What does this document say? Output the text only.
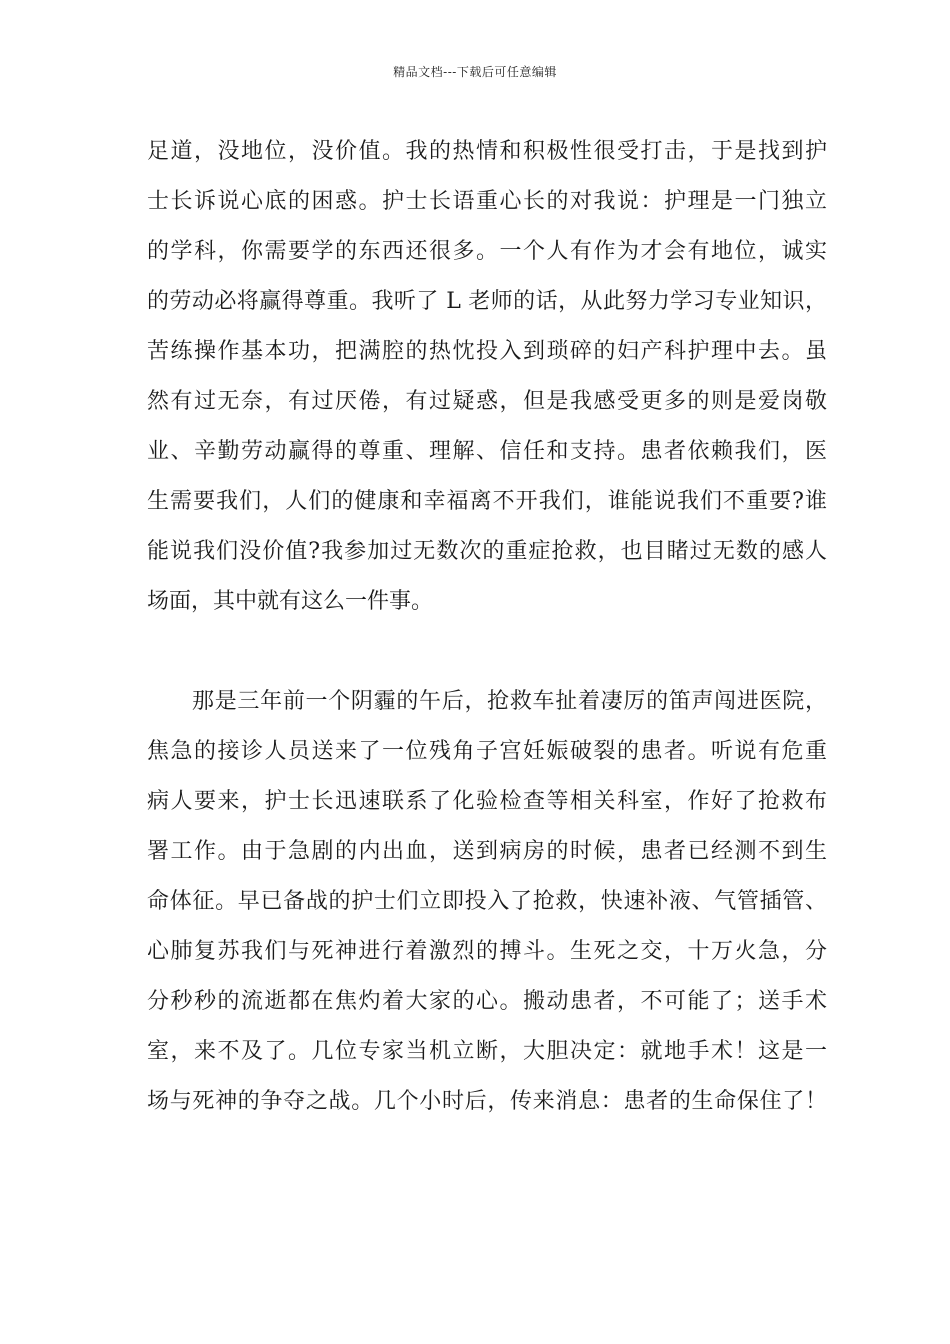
精品文档---下载后可任意编辑
足道，没地位，没价值。我的热情和积极性很受打击，于是找到护
士长诉说心底的困惑。护士长语重心长的对我说：护理是一门独立
的学科，你需要学的东西还很多。一个人有作为才会有地位，诚实
的劳动必将赢得尊重。我听了 L 老师的话，从此努力学习专业知识，
苦练操作基本功，把满腔的热忱投入到琐碎的妇产科护理中去。虽
然有过无奈，有过厌倦，有过疑惑，但是我感受更多的则是爱岗敬
业、辛勤劳动赢得的尊重、理解、信任和支持。患者依赖我们，医
生需要我们，人们的健康和幸福离不开我们，谁能说我们不重要?谁
能说我们没价值?我参加过无数次的重症抢救，也目睹过无数的感人
场面，其中就有这么一件事。
那是三年前一个阴霾的午后，抢救车扯着凄厉的笛声闯进医院，
焦急的接诊人员送来了一位残角子宫妊娠破裂的患者。听说有危重
病人要来，护士长迅速联系了化验检查等相关科室，作好了抢救布
署工作。由于急剧的内出血，送到病房的时候，患者已经测不到生
命体征。早已备战的护士们立即投入了抢救，快速补液、气管插管、
心肺复苏我们与死神进行着激烈的搏斗。生死之交，十万火急，分
分秒秒的流逝都在焦灼着大家的心。搬动患者，不可能了；送手术
室，来不及了。几位专家当机立断，大胆决定：就地手术！这是一
场与死神的争夺之战。几个小时后，传来消息：患者的生命保住了！
